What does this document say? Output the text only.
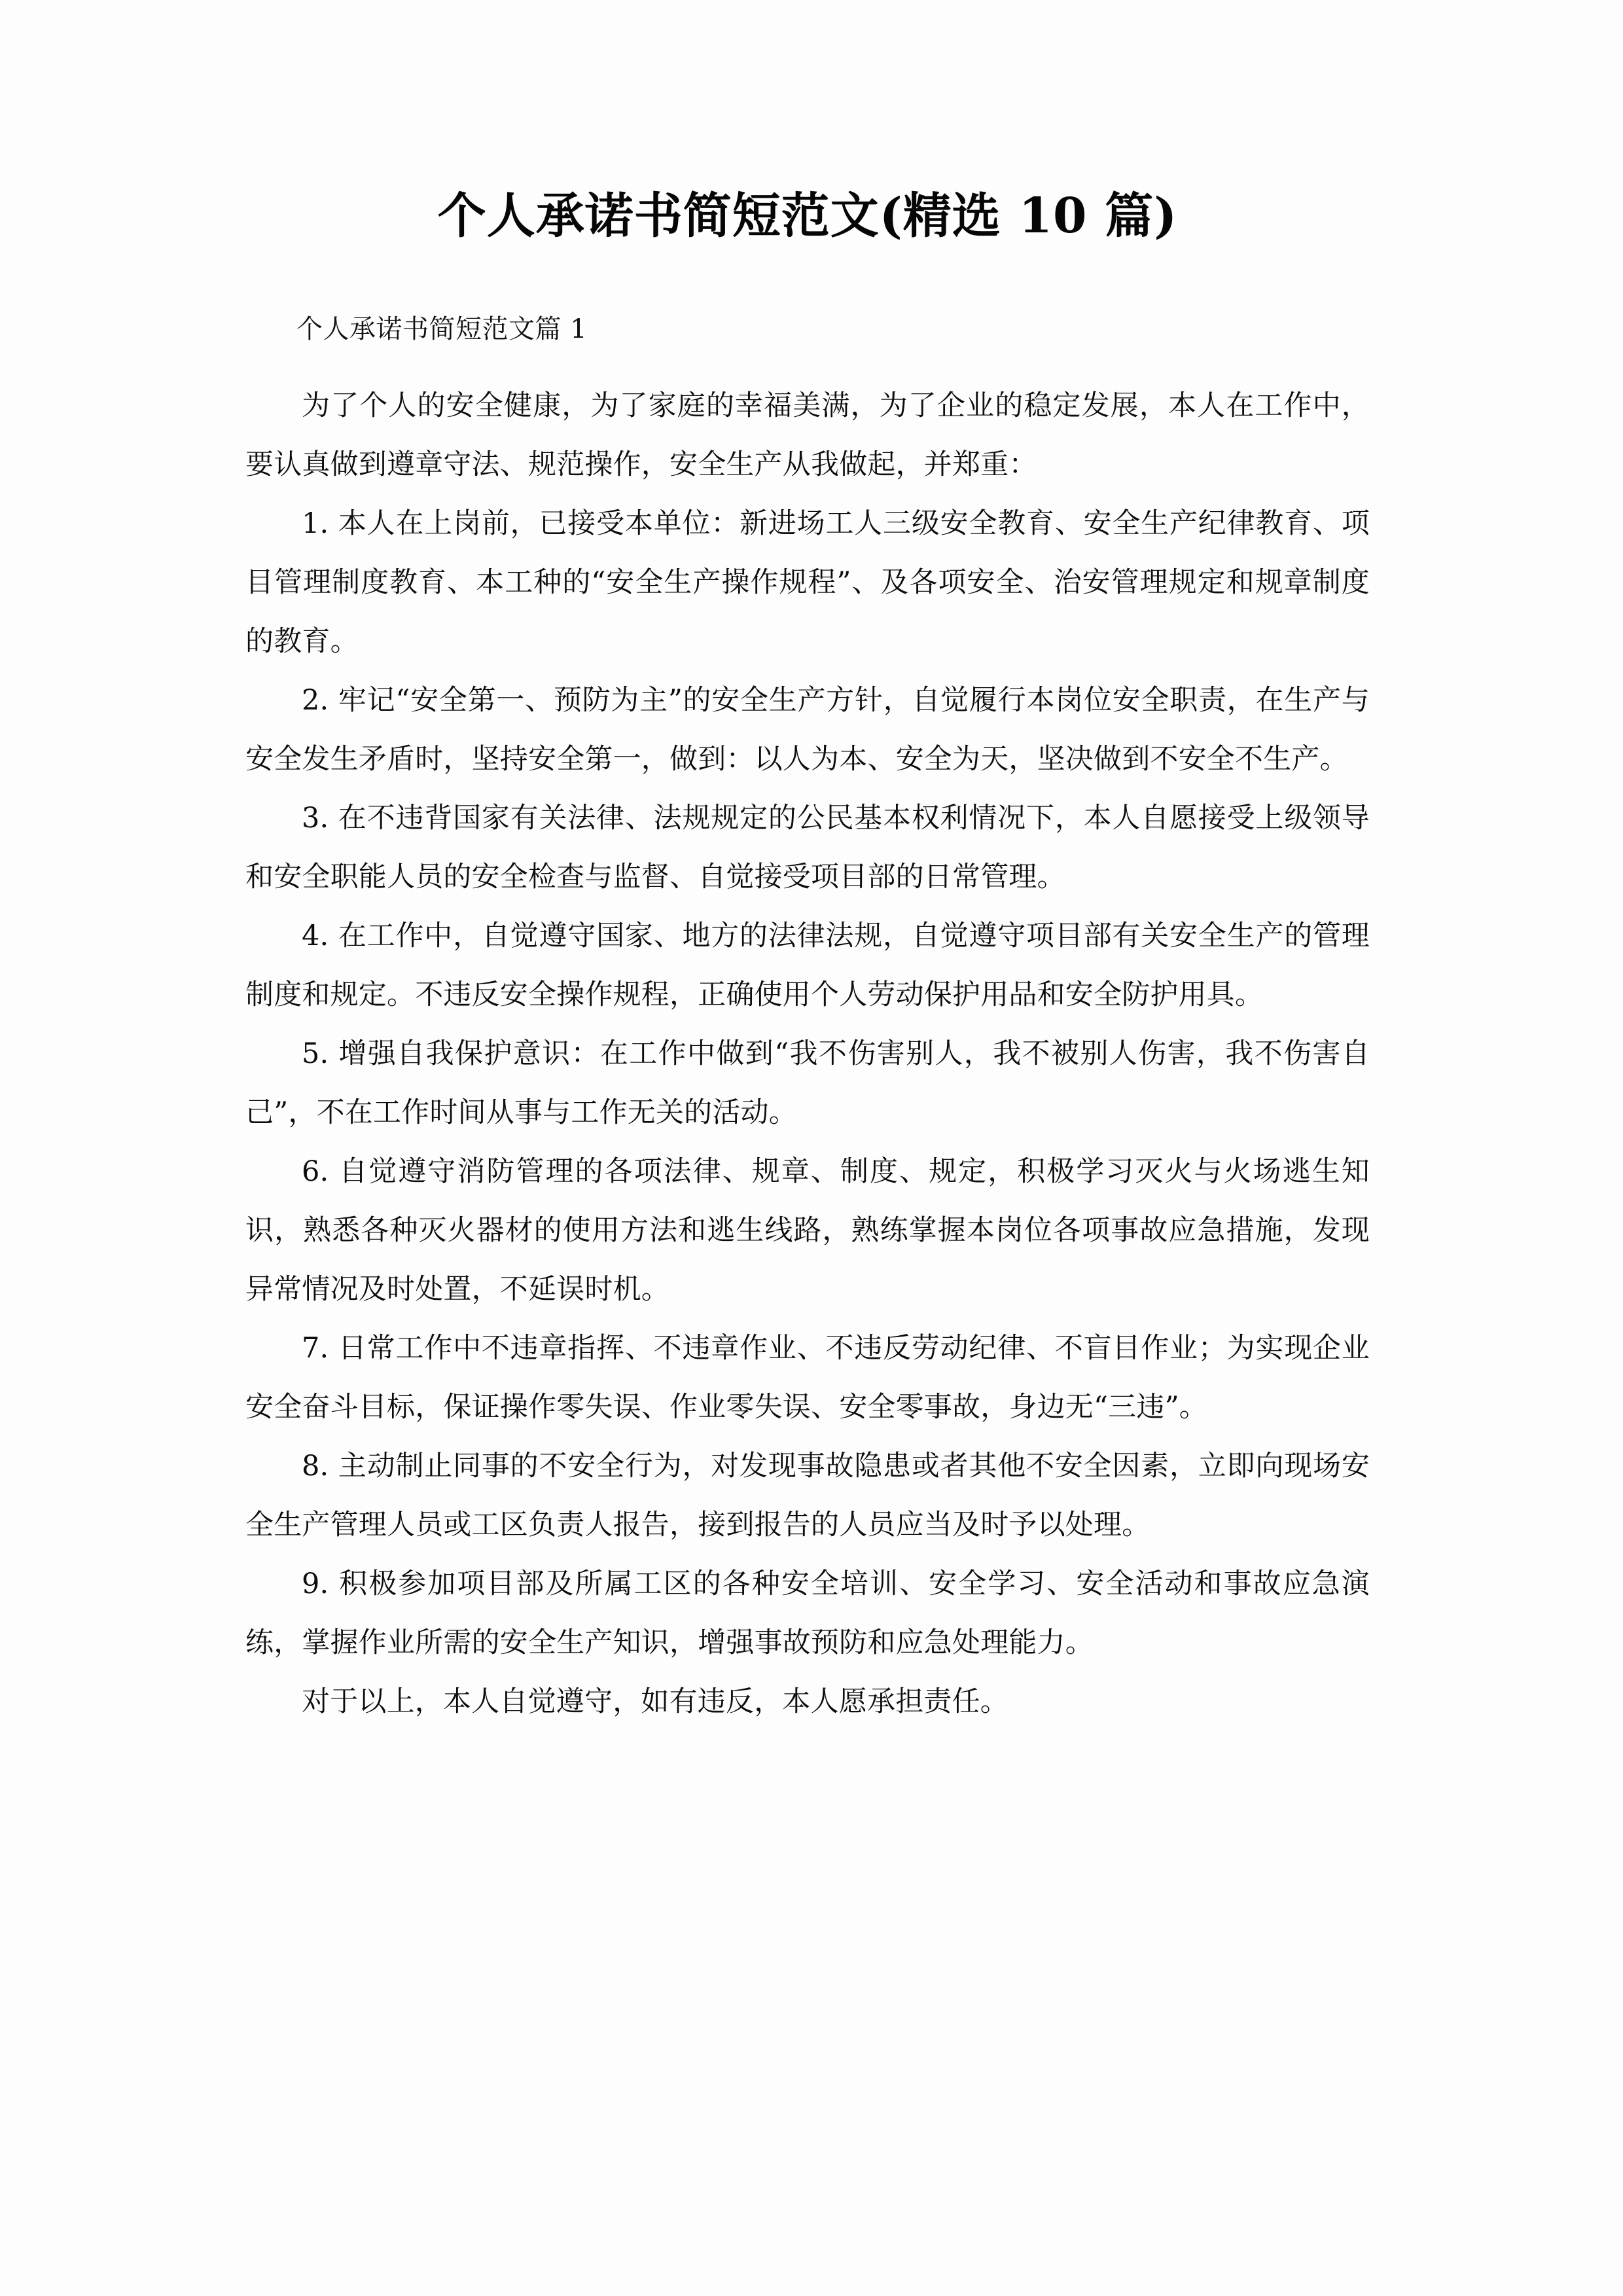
个人承诺书简短范文(精选 10 篇)

个人承诺书简短范文篇 1

为了个人的安全健康，为了家庭的幸福美满，为了企业的稳定发展，本人在工作中，要认真做到遵章守法、规范操作，安全生产从我做起，并郑重：

1. 本人在上岗前，已接受本单位：新进场工人三级安全教育、安全生产纪律教育、项目管理制度教育、本工种的“安全生产操作规程”、及各项安全、治安管理规定和规章制度的教育。

2. 牢记“安全第一、预防为主”的安全生产方针，自觉履行本岗位安全职责，在生产与安全发生矛盾时，坚持安全第一，做到：以人为本、安全为天，坚决做到不安全不生产。

3. 在不违背国家有关法律、法规规定的公民基本权利情况下，本人自愿接受上级领导和安全职能人员的安全检查与监督、自觉接受项目部的日常管理。

4. 在工作中，自觉遵守国家、地方的法律法规，自觉遵守项目部有关安全生产的管理制度和规定。不违反安全操作规程，正确使用个人劳动保护用品和安全防护用具。

5. 增强自我保护意识：在工作中做到“我不伤害别人，我不被别人伤害，我不伤害自己”，不在工作时间从事与工作无关的活动。

6. 自觉遵守消防管理的各项法律、规章、制度、规定，积极学习灭火与火场逃生知识，熟悉各种灭火器材的使用方法和逃生线路，熟练掌握本岗位各项事故应急措施，发现异常情况及时处置，不延误时机。

7. 日常工作中不违章指挥、不违章作业、不违反劳动纪律、不盲目作业；为实现企业安全奋斗目标，保证操作零失误、作业零失误、安全零事故，身边无“三违”。

8. 主动制止同事的不安全行为，对发现事故隐患或者其他不安全因素，立即向现场安全生产管理人员或工区负责人报告，接到报告的人员应当及时予以处理。

9. 积极参加项目部及所属工区的各种安全培训、安全学习、安全活动和事故应急演练，掌握作业所需的安全生产知识，增强事故预防和应急处理能力。

对于以上，本人自觉遵守，如有违反，本人愿承担责任。
